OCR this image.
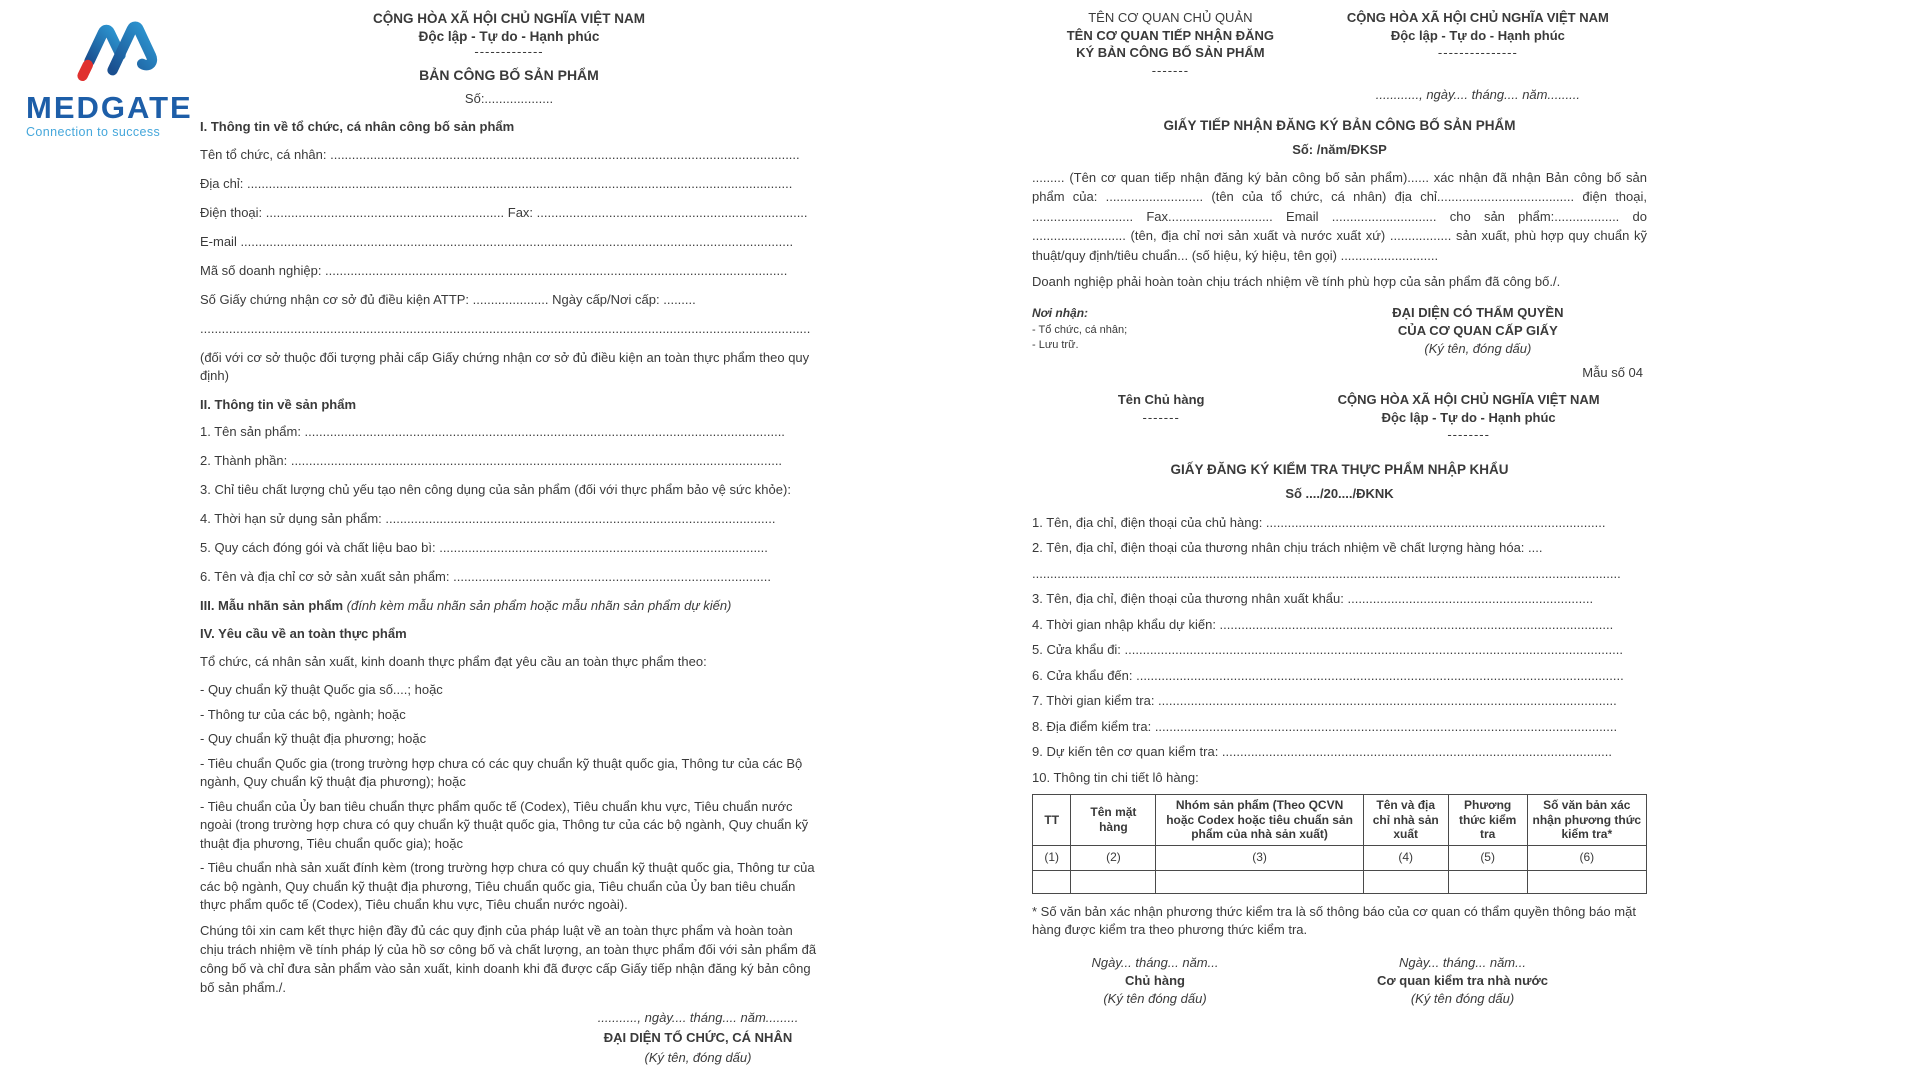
MEDGATE
Connection to success

CỘNG HÒA XÃ HỘI CHỦ NGHĨA VIỆT NAM

Độc lập - Tự do - Hạnh phúc

-------------

BẢN CÔNG BỐ SẢN PHẨM

Số:...................

I. Thông tin về tổ chức, cá nhân công bố sản phẩm

Tên tổ chức, cá nhân: ..................................................................................................................................

Địa chỉ: .......................................................................................................................................................

Điện thoại: .................................................................. Fax: ...........................................................................

E-mail .........................................................................................................................................................

Mã số doanh nghiệp: ................................................................................................................................

Số Giấy chứng nhận cơ sở đủ điều kiện ATTP: ..................... Ngày cấp/Nơi cấp: .........

.........................................................................................................................................................................

(đối với cơ sở thuộc đối tượng phải cấp Giấy chứng nhận cơ sở đủ điều kiện an toàn thực phẩm theo quy định)

II. Thông tin về sản phẩm

1. Tên sản phẩm: .....................................................................................................................................

2. Thành phần: ........................................................................................................................................

3. Chỉ tiêu chất lượng chủ yếu tạo nên công dụng của sản phẩm (đối với thực phẩm bảo vệ sức khỏe):

4. Thời hạn sử dụng sản phẩm: ............................................................................................................

5. Quy cách đóng gói và chất liệu bao bì: ...........................................................................................

6. Tên và địa chỉ cơ sở sản xuất sản phẩm: ........................................................................................

III. Mẫu nhãn sản phẩm (đính kèm mẫu nhãn sản phẩm hoặc mẫu nhãn sản phẩm dự kiến)

IV. Yêu cầu về an toàn thực phẩm

Tổ chức, cá nhân sản xuất, kinh doanh thực phẩm đạt yêu cầu an toàn thực phẩm theo:

- Quy chuẩn kỹ thuật Quốc gia số....; hoặc

- Thông tư của các bộ, ngành; hoặc

- Quy chuẩn kỹ thuật địa phương; hoặc

- Tiêu chuẩn Quốc gia (trong trường hợp chưa có các quy chuẩn kỹ thuật quốc gia, Thông tư của các Bộ ngành, Quy chuẩn kỹ thuật địa phương); hoặc

- Tiêu chuẩn của Ủy ban tiêu chuẩn thực phẩm quốc tế (Codex), Tiêu chuẩn khu vực, Tiêu chuẩn nước ngoài (trong trường hợp chưa có quy chuẩn kỹ thuật quốc gia, Thông tư của các bộ ngành, Quy chuẩn kỹ thuật địa phương, Tiêu chuẩn quốc gia); hoặc

- Tiêu chuẩn nhà sản xuất đính kèm (trong trường hợp chưa có quy chuẩn kỹ thuật quốc gia, Thông tư của các bộ ngành, Quy chuẩn kỹ thuật địa phương, Tiêu chuẩn quốc gia, Tiêu chuẩn của Ủy ban tiêu chuẩn thực phẩm quốc tế (Codex), Tiêu chuẩn khu vực, Tiêu chuẩn nước ngoài).

Chúng tôi xin cam kết thực hiện đầy đủ các quy định của pháp luật về an toàn thực phẩm và hoàn toàn chịu trách nhiệm về tính pháp lý của hồ sơ công bố và chất lượng, an toàn thực phẩm đối với sản phẩm đã công bố và chỉ đưa sản phẩm vào sản xuất, kinh doanh khi đã được cấp Giấy tiếp nhận đăng ký bản công bố sản phẩm./.

..........., ngày.... tháng.... năm.........

ĐẠI DIỆN TỔ CHỨC, CÁ NHÂN

(Ký tên, đóng dấu)

TÊN CƠ QUAN CHỦ QUẢN

TÊN CƠ QUAN TIẾP NHẬN ĐĂNG

KÝ BẢN CÔNG BỐ SẢN PHẨM

-------

CỘNG HÒA XÃ HỘI CHỦ NGHĨA VIỆT NAM

Độc lập - Tự do - Hạnh phúc

---------------

............, ngày.... tháng.... năm.........

GIẤY TIẾP NHẬN ĐĂNG KÝ BẢN CÔNG BỐ SẢN PHẨM

Số: /năm/ĐKSP

......... (Tên cơ quan tiếp nhận đăng ký bản công bố sản phẩm)...... xác nhận đã nhận Bản công bố sản phẩm của: ........................... (tên của tổ chức, cá nhân) địa chỉ...................................... điện thoại, ............................ Fax............................. Email ............................. cho sản phẩm:.................. do .......................... (tên, địa chỉ nơi sản xuất và nước xuất xứ) ................. sản xuất, phù hợp quy chuẩn kỹ thuật/quy định/tiêu chuẩn... (số hiệu, ký hiệu, tên gọi) ...........................

Doanh nghiệp phải hoàn toàn chịu trách nhiệm về tính phù hợp của sản phẩm đã công bố./.

Nơi nhận:

- Tổ chức, cá nhân;

- Lưu trữ.

ĐẠI DIỆN CÓ THẨM QUYỀN

CỦA CƠ QUAN CẤP GIẤY

(Ký tên, đóng dấu)

Mẫu số 04

Tên Chủ hàng

-------

CỘNG HÒA XÃ HỘI CHỦ NGHĨA VIỆT NAM

Độc lập - Tự do - Hạnh phúc

--------

GIẤY ĐĂNG KÝ KIỂM TRA THỰC PHẨM NHẬP KHẨU

Số ..../20..../ĐKNK

1. Tên, địa chỉ, điện thoại của chủ hàng: ..............................................................................................

2. Tên, địa chỉ, điện thoại của thương nhân chịu trách nhiệm về chất lượng hàng hóa: ....

...................................................................................................................................................................

3. Tên, địa chỉ, điện thoại của thương nhân xuất khẩu: ....................................................................

4. Thời gian nhập khẩu dự kiến: .............................................................................................................

5. Cửa khẩu đi: ..........................................................................................................................................

6. Cửa khẩu đến: .......................................................................................................................................

7. Thời gian kiểm tra: ...............................................................................................................................

8. Địa điểm kiểm tra: ................................................................................................................................

9. Dự kiến tên cơ quan kiểm tra: ............................................................................................................

10. Thông tin chi tiết lô hàng:

TT	Tên mặt hàng	Nhóm sản phẩm (Theo QCVN hoặc Codex hoặc tiêu chuẩn sản phẩm của nhà sản xuất)	Tên và địa chỉ nhà sản xuất	Phương thức kiểm tra	Số văn bản xác nhận phương thức kiểm tra*
(1)	(2)	(3)	(4)	(5)	(6)

* Số văn bản xác nhận phương thức kiểm tra là số thông báo của cơ quan có thẩm quyền thông báo mặt hàng được kiểm tra theo phương thức kiểm tra.

Ngày... tháng... năm...

Chủ hàng

(Ký tên đóng dấu)

Ngày... tháng... năm...

Cơ quan kiểm tra nhà nước

(Ký tên đóng dấu)
